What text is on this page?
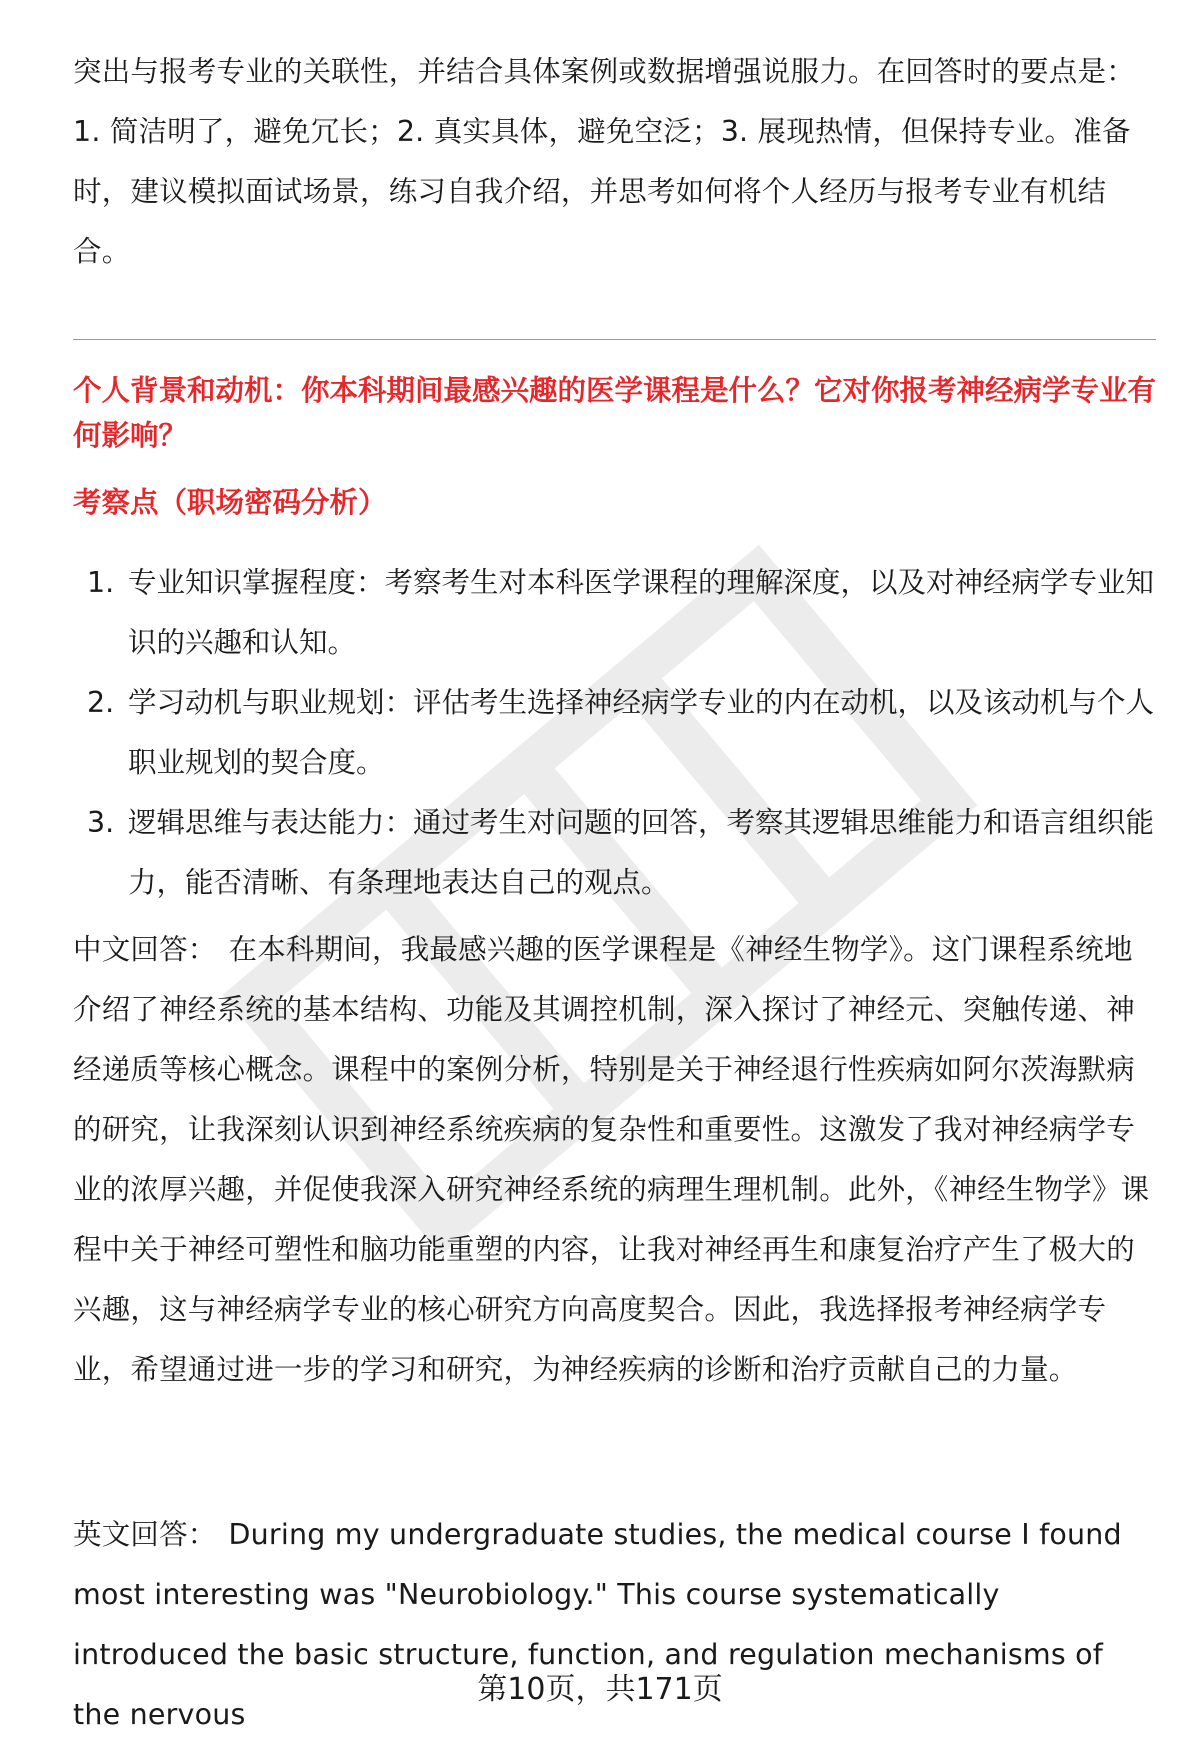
突出与报考专业的关联性，并结合具体案例或数据增强说服力。在回答时的要点是：1. 简洁明了，避免冗长；2. 真实具体，避免空泛；3. 展现热情，但保持专业。准备时，建议模拟面试场景，练习自我介绍，并思考如何将个人经历与报考专业有机结合。

个人背景和动机：你本科期间最感兴趣的医学课程是什么？它对你报考神经病学专业有何影响？

考察点（职场密码分析）

1. 专业知识掌握程度：考察考生对本科医学课程的理解深度，以及对神经病学专业知识的兴趣和认知。
2. 学习动机与职业规划：评估考生选择神经病学专业的内在动机，以及该动机与个人职业规划的契合度。
3. 逻辑思维与表达能力：通过考生对问题的回答，考察其逻辑思维能力和语言组织能力，能否清晰、有条理地表达自己的观点。

中文回答： 在本科期间，我最感兴趣的医学课程是《神经生物学》。这门课程系统地介绍了神经系统的基本结构、功能及其调控机制，深入探讨了神经元、突触传递、神经递质等核心概念。课程中的案例分析，特别是关于神经退行性疾病如阿尔茨海默病的研究，让我深刻认识到神经系统疾病的复杂性和重要性。这激发了我对神经病学专业的浓厚兴趣，并促使我深入研究神经系统的病理生理机制。此外，《神经生物学》课程中关于神经可塑性和脑功能重塑的内容，让我对神经再生和康复治疗产生了极大的兴趣，这与神经病学专业的核心研究方向高度契合。因此，我选择报考神经病学专业，希望通过进一步的学习和研究，为神经疾病的诊断和治疗贡献自己的力量。

英文回答： During my undergraduate studies, the medical course I found most interesting was "Neurobiology." This course systematically introduced the basic structure, function, and regulation mechanisms of the nervous

第10页，共171页
